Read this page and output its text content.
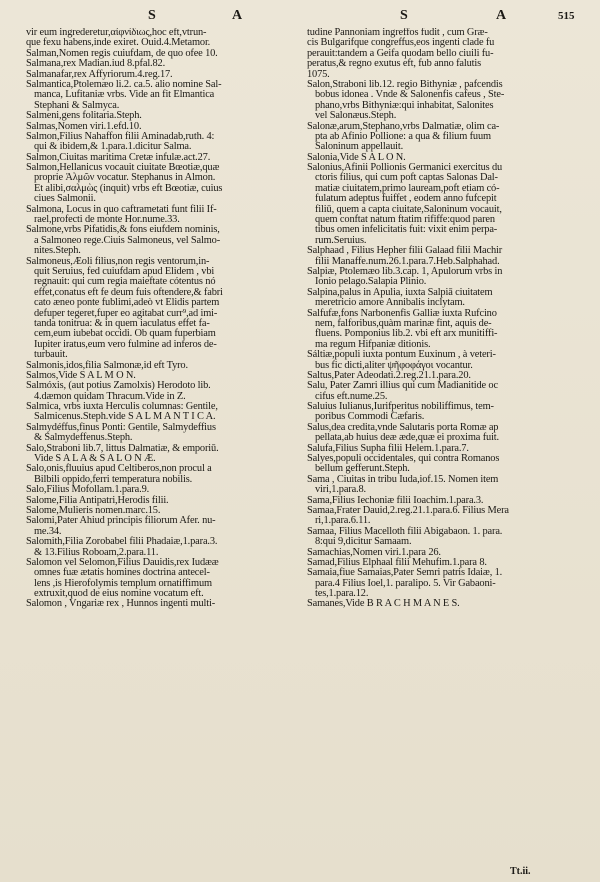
S	A	S	A	515
vir eum ingrederetur,αἰφνίδιως,hoc eft,vtrun-
que fexu habens,inde exiret. Ouid.4.Metamor.
Salman,Nomen regis cuiufdam, de quo ofee 10.
Salmana,rex Madian.iud 8.pfal.82.
Salmanafar,rex Affyriorum.4.reg.17.
Salmantica,Ptolemæo li.2. ca.5. alio nomine Sal-
manca, Lufitaniæ vrbs. Vide an fit Elmantica
Stephani & Salmyca.
Salmeni,gens folitaria.Steph.
Salmas,Nomen viri.1.efd.10.
Salmon,Filius Nahaffon filii Aminadab,ruth. 4:
qui & ibidem,& 1.para.1.dicitur Salma.
Salmon,Ciuitas maritima Cretæ infulæ.act.27.
Salmon,Hellanicus vocauit ciuitate Bœotiæ,quæ
proprie Ἀλμῶν vocatur. Stephanus in Almon.
Et alibi,σαλμὼς (inquit) vrbs eft Bœotiæ, cuius
ciues Salmonii.
Salmona, Locus in quo caftrametati funt filii If-
rael,profecti de monte Hor.nume.33.
Salmone,vrbs Pifatidis,& fons eiufdem nominis,
a Salmoneo rege.Ciuis Salmoneus, vel Salmo-
nites.Steph.
Salmoneus,Æoli filius,non regis ventorum,in-
quit Seruius, fed cuiufdam apud Elidem , vbi
regnauit: qui cum regia maieftate cótentus nó
effet,conatus eft fe deum fuis oftendere,& fabri
cato æneo ponte fublimi,adeò vt Elidis partem
defuper tegeret,fuper eo agitabat curr⁹,ad imi-
tanda tonitrua: & in quem iaculatus effet fa-
cem,eum iubebat occidi. Ob quam fuperbiam
Iupiter iratus,eum vero fulmine ad inferos de-
turbauit.
Salmonis,idos,filia Salmonæ,id eft Tyro.
Salmos,Vide S A L M O N.
Salmóxis, (aut potius Zamolxis) Herodoto lib.
4.dæmon quidam Thracum.Vide in Z.
Salmica, vrbs iuxta Herculis columnas: Gentile,
Salmicenus.Steph.vide S A L M A N T I C A.
Salmydéffus,finus Ponti: Gentile, Salmydeffius
& Salmydeffenus.Steph.
Salo,Straboni lib.7, littus Dalmatiæ, & emporiū.
Vide S A L A & S A L O N Æ.
Salo,onis,fluuius apud Celtiberos,non procul a
Bilbili oppido,ferri temperatura nobilis.
Salo,Filius Mofollam.1.para.9.
Salome,Filia Antipatri,Herodis filii.
Salome,Mulieris nomen.marc.15.
Salomi,Pater Ahiud principis filiorum Afer. nu-
me.34.
Salomith,Filia Zorobabel filii Phadaiæ,1.para.3.
& 13.Filius Roboam,2.para.11.
Salomon vel Selomon,Filius Dauidis,rex Iudææ
omnes fuæ ætatis homines doctrina antecel-
lens ,is Hierofolymis templum ornatiffimum
extruxit,quod de eius nomine vocatum eft.
Salomon , Vngariæ rex , Hunnos ingenti multi-
tudine Pannoniam ingreffos fudit , cum Græ-
cis Bulgarifque congreffus,eos ingenti clade fu
perauit:tandem a Geifa quodam bello ciuili fu-
peratus,& regno exutus eft, fub anno falutis
1075.
Salon,Straboni lib.12. regio Bithyniæ , pafcendis
bobus idonea . Vnde & Salonenfis cafeus , Ste-
phano,vrbs Bithyniæ:qui inhabitat, Salonites
vel Salonæus.Steph.
Salonæ,arum,Stephano,vrbs Dalmatiæ, olim ca-
pta ab Afinio Pollione: a qua & filium fuum
Saloninum appellauit.
Salonia,Vide S A L O N.
Salonius,Afinii Pollionis Germanici exercitus du
ctoris filius, qui cum poft captas Salonas Dal-
matiæ ciuitatem,primo lauream,poft etiam có-
fulatum adeptus fuiffet , eodem anno fufcepit
filiū, quem a capta ciuitate,Saloninum vocauit,
quem conftat natum ftatim rififfe:quod paren
tibus omen infelicitatis fuit: vixit enim perpa-
rum.Seruius.
Salphaad , Filius Hepher filii Galaad filii Machir
filii Manaffe.num.26.1.para.7.Heb.Salphahad.
Salpiæ, Ptolemæo lib.3.cap. 1, Apulorum vrbs in
Ionio pelago.Salapia Plinio.
Salpina,palus in Apulia, iuxta Salpiā ciuitatem
meretricio amore Annibalis inclytam.
Salfufæ,fons Narbonenfis Galliæ iuxta Rufcino
nem, falforibus,quàm marinæ fint, aquis de-
fluens. Pomponius lib.2. vbi eft arx munitiffi-
ma regum Hifpaniæ ditionis.
Sáltiæ,populi iuxta pontum Euxinum , à veteri-
bus fic dicti,aliter ψῆφοφάγοι vocantur.
Saltus,Pater Adeodati.2.reg.21.1.para.20.
Salu, Pater Zamri illius qui cum Madianitide oc
cifus eft.nume.25.
Saluius Iulianus,Iurifperitus nobiliffimus, tem-
poribus Commodi Cæfaris.
Salus,dea credita,vnde Salutaris porta Romæ ap
pellata,ab huius deæ æde,quæ ei proxima fuit.
Salufa,Filius Supha filii Helem.1.para.7.
Salyes,populi occidentales, qui contra Romanos
bellum gefferunt.Steph.
Sama , Ciuitas in tribu Iuda,iof.15. Nomen item
viri,1.para.8.
Sama,Filius Iechoniæ filii Ioachim.1.para.3.
Samaa,Frater Dauid,2.reg.21.1.para.6. Filius Mera
ri,1.para.6.11.
Samaa, Filius Macelloth filii Abigabaon. 1. para.
8:qui 9,dicitur Samaam.
Samachias,Nomen viri.1.para 26.
Samad,Filius Elphaal filii Mehufim.1.para 8.
Samaia,fiue Samaias,Pater Semri patris Idaiæ, 1.
para.4 Filius Ioel,1. paralipo. 5. Vir Gabaoni-
tes,1.para.12.
Samanes,Vide B R A C H M A N E S.
Tt.ii.
